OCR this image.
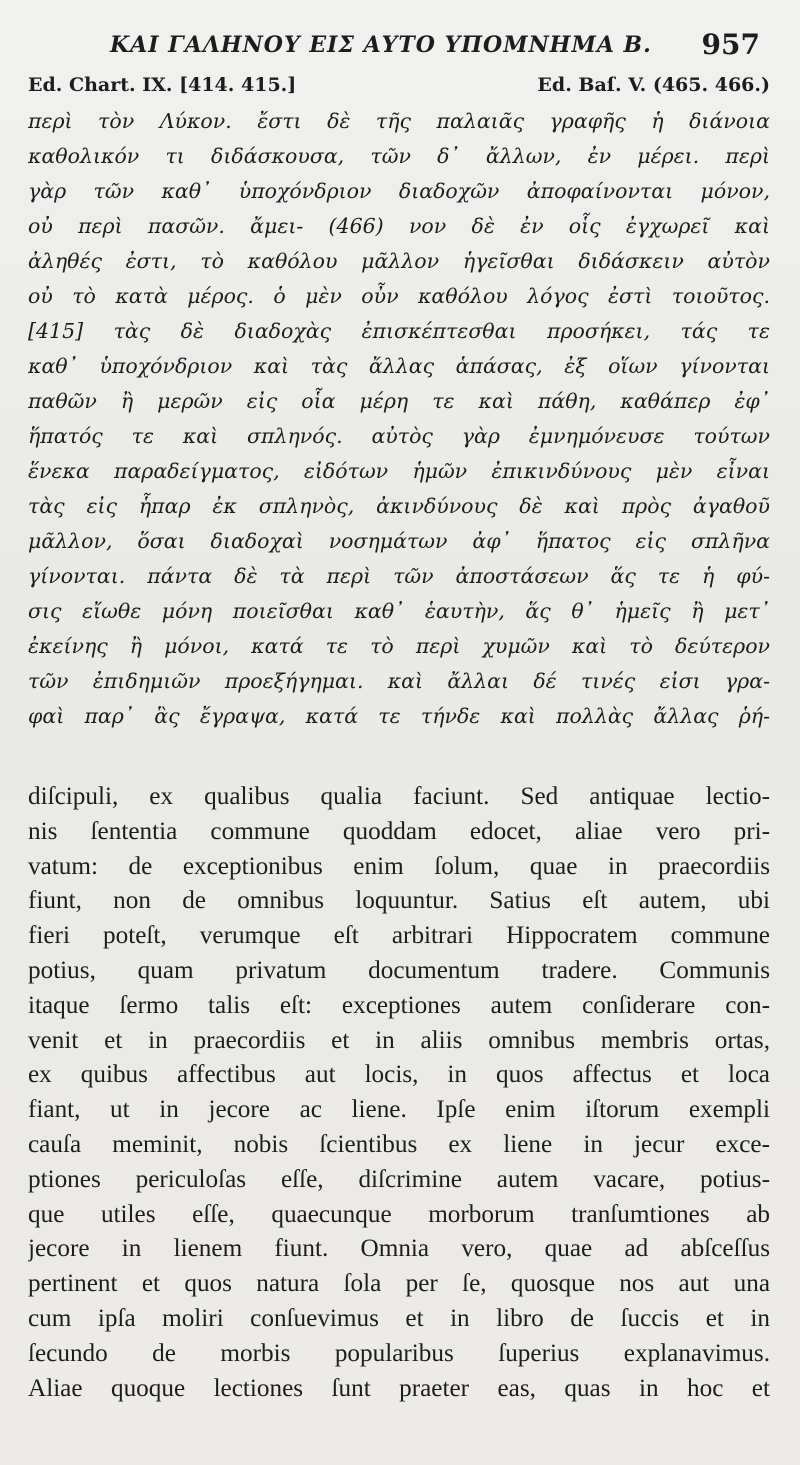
ΚΑΙ ΓΑΛΗΝΟΥ ΕΙΣ ΑΥΤΟ ΥΠΟΜΝΗΜΑ Β. 957
Ed. Chart. IX. [414. 415.]	Ed. Baſ. V. (465. 466.)
περὶ τὸν Λύκον. ἔστι δὲ τῆς παλαιᾶς γραφῆς ἡ διάνοια
καθολικόν τι διδάσκουσα, τῶν δ᾽ ἄλλων, ἐν μέρει. περὶ
γὰρ τῶν καθ᾽ ὑποχόνδριον διαδοχῶν ἀποφαίνονται μόνον,
οὐ περὶ πασῶν. ἄμει- (466) νον δὲ ἐν οἷς ἐγχωρεῖ καὶ
ἀληθές ἐστι, τὸ καθόλου μᾶλλον ἡγεῖσθαι διδάσκειν αὐτὸν
οὐ τὸ κατὰ μέρος. ὁ μὲν οὖν καθόλου λόγος ἐστὶ τοιοῦτος.
[415] τὰς δὲ διαδοχὰς ἐπισκέπτεσθαι προσήκει, τάς τε
καθ᾽ ὑποχόνδριον καὶ τὰς ἄλλας ἁπάσας, ἐξ οἵων γίνονται
παθῶν ἢ μερῶν εἰς οἷα μέρη τε καὶ πάθη, καθάπερ ἐφ᾽
ἥπατός τε καὶ σπληνός. αὐτὸς γὰρ ἐμνημόνευσε τούτων
ἕνεκα παραδείγματος, εἰδότων ἡμῶν ἐπικινδύνους μὲν εἶναι
τὰς εἰς ἧπαρ ἐκ σπληνὸς, ἀκινδύνους δὲ καὶ πρὸς ἀγαθοῦ
μᾶλλον, ὅσαι διαδοχαὶ νοσημάτων ἀφ᾽ ἥπατος εἰς σπλῆνα
γίνονται. πάντα δὲ τὰ περὶ τῶν ἀποστάσεων ἅς τε ἡ φύ-
σις εἴωθε μόνη ποιεῖσθαι καθ᾽ ἑαυτὴν, ἅς θ᾽ ἡμεῖς ἢ μετ᾽
ἐκείνης ἢ μόνοι, κατά τε τὸ περὶ χυμῶν καὶ τὸ δεύτερον
τῶν ἐπιδημιῶν προεξήγημαι. καὶ ἄλλαι δέ τινές εἰσι γρα-
φαὶ παρ᾽ ἃς ἔγραψα, κατά τε τήνδε καὶ πολλὰς ἄλλας ῥή-
diſcipuli, ex qualibus qualia faciunt. Sed antiquae lectio-
nis ſententia commune quoddam edocet, aliae vero pri-
vatum: de exceptionibus enim ſolum, quae in praecordiis
fiunt, non de omnibus loquuntur. Satius eſt autem, ubi
fieri poteſt, verumque eſt arbitrari Hippocratem commune
potius, quam privatum documentum tradere. Communis
itaque ſermo talis eſt: exceptiones autem conſiderare con-
venit et in praecordiis et in aliis omnibus membris ortas,
ex quibus affectibus aut locis, in quos affectus et loca
fiant, ut in jecore ac liene. Ipſe enim iſtorum exempli
cauſa meminit, nobis ſcientibus ex liene in jecur exce-
ptiones periculoſas eſſe, diſcrimine autem vacare, potius-
que utiles eſſe, quaecunque morborum tranſumtiones ab
jecore in lienem fiunt. Omnia vero, quae ad abſceſſus
pertinent et quos natura ſola per ſe, quosque nos aut una
cum ipſa moliri conſuevimus et in libro de ſuccis et in
ſecundo de morbis popularibus ſuperius explanavimus.
Aliae quoque lectiones ſunt praeter eas, quas in hoc et
